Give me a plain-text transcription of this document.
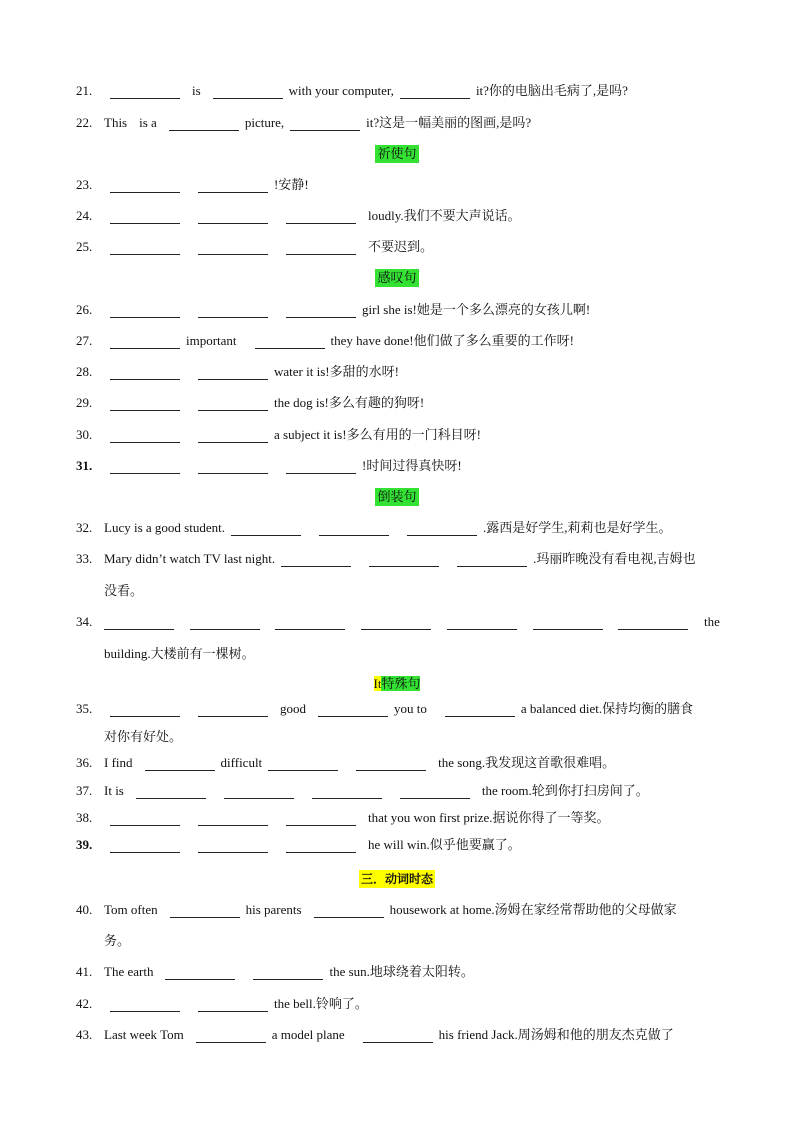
21.	is	with your computer,	it?你的电脑出毛病了,是吗?
22. This is a	picture,	it?这是一幅美丽的图画,是吗?
祈使句
23.	!安静!
24.	loudly.我们不要大声说话。
25.	不要迟到。
感叹句
26.	girl she is!她是一个多么漂亮的女孩儿啊!
27.	important	they have done!他们做了多么重要的工作呀!
28.	water it is!多甜的水呀!
29.	the dog is!多么有趣的狗呀!
30.	a subject it is!多么有用的一门科目呀!
31.	!时间过得真快呀!
倒装句
32. Lucy is a good student.	.露西是好学生,莉莉也是好学生。
33. Mary didn’t watch TV last night.	.玛丽昨晚没有看电视,吉姆也
没看。
34.	the
building.大楼前有一棵树。
It特殊句
35.	good	you to	a balanced diet.保持均衡的膳食
对你有好处。
36. I find	difficult	the song.我发现这首歌很难唱。
37. It is	the room.轮到你打扫房间了。
38.	that you won first prize.据说你得了一等奖。
39.	he will win.似乎他要赢了。
三．动词时态
40. Tom often	his parents	housework at home.汤姆在家经常帮助他的父母做家
务。
41. The earth	the sun.地球绕着太阳转。
42.	the bell.铃响了。
43. Last week Tom	a model plane	his friend Jack.周汤姆和他的朋友杰克做了
